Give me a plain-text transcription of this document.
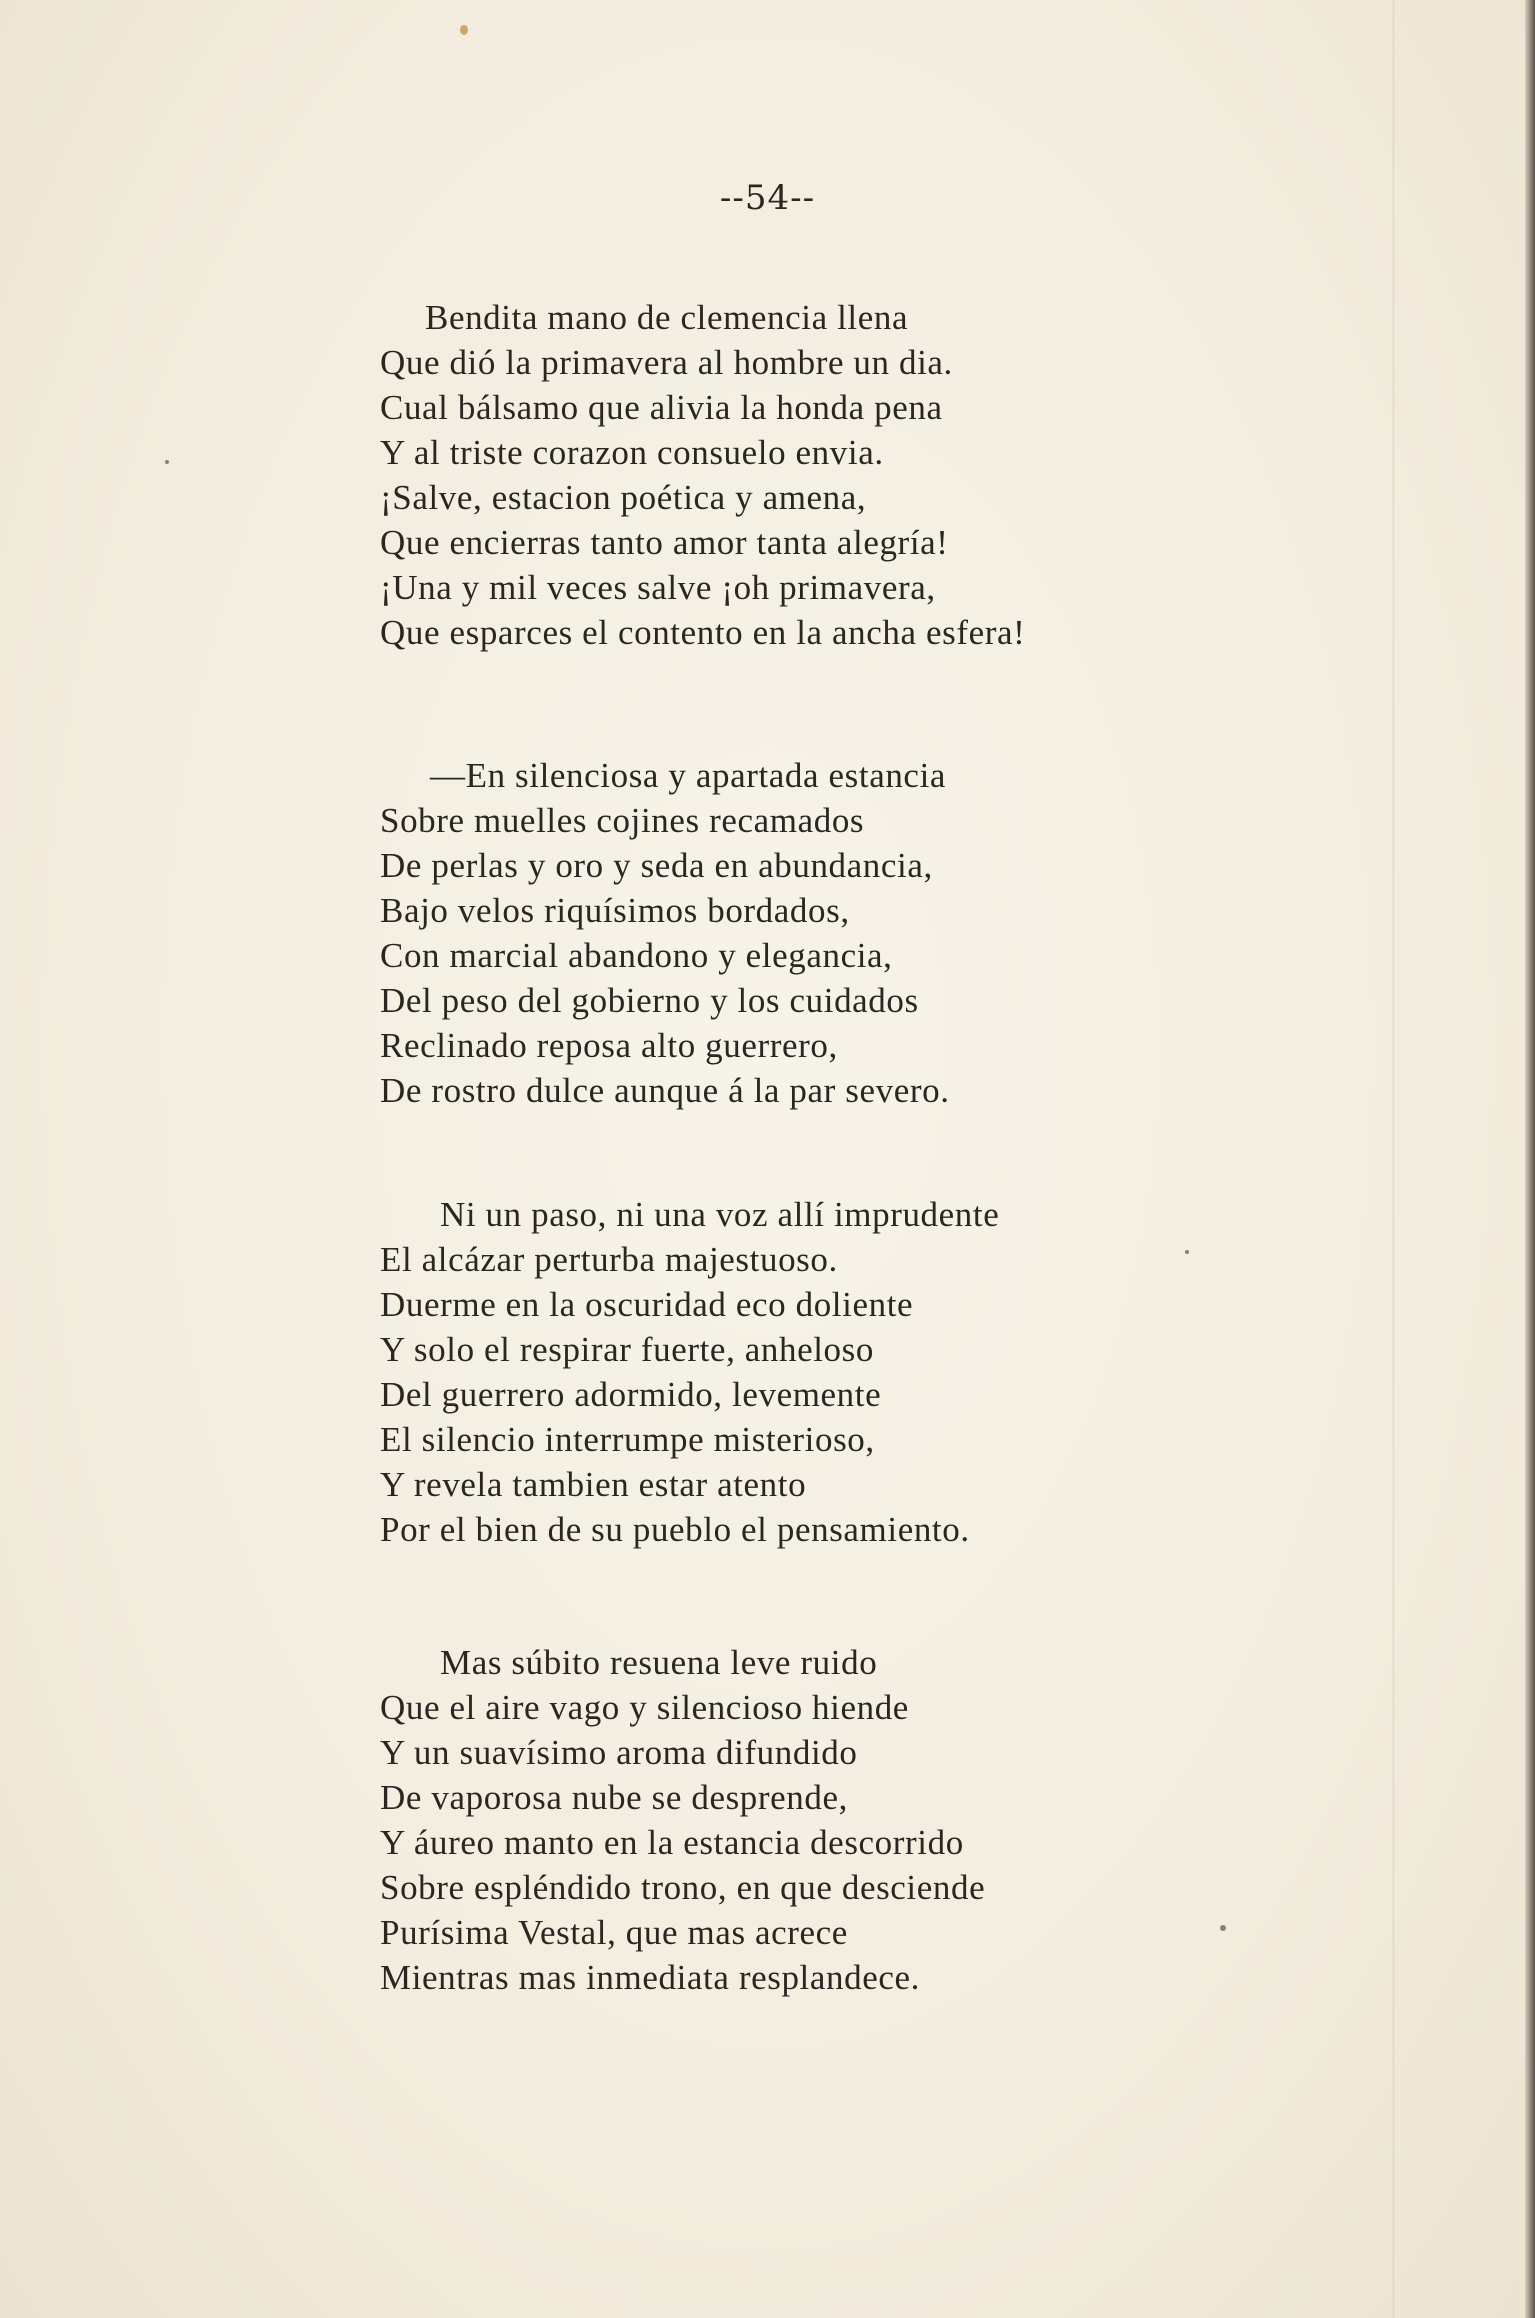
--54--
Bendita mano de clemencia llena
Que dió la primavera al hombre un dia.
Cual bálsamo que alivia la honda pena
Y al triste corazon consuelo envia.
¡Salve, estacion poética y amena,
Que encierras tanto amor tanta alegría!
¡Una y mil veces salve ¡oh primavera,
Que esparces el contento en la ancha esfera!
—En silenciosa y apartada estancia
Sobre muelles cojines recamados
De perlas y oro y seda en abundancia,
Bajo velos riquísimos bordados,
Con marcial abandono y elegancia,
Del peso del gobierno y los cuidados
Reclinado reposa alto guerrero,
De rostro dulce aunque á la par severo.
Ni un paso, ni una voz allí imprudente
El alcázar perturba majestuoso.
Duerme en la oscuridad eco doliente
Y solo el respirar fuerte, anheloso
Del guerrero adormido, levemente
El silencio interrumpe misterioso,
Y revela tambien estar atento
Por el bien de su pueblo el pensamiento.
Mas súbito resuena leve ruido
Que el aire vago y silencioso hiende
Y un suavísimo aroma difundido
De vaporosa nube se desprende,
Y áureo manto en la estancia descorrido
Sobre espléndido trono, en que desciende
Purísima Vestal, que mas acrece
Mientras mas inmediata resplandece.
